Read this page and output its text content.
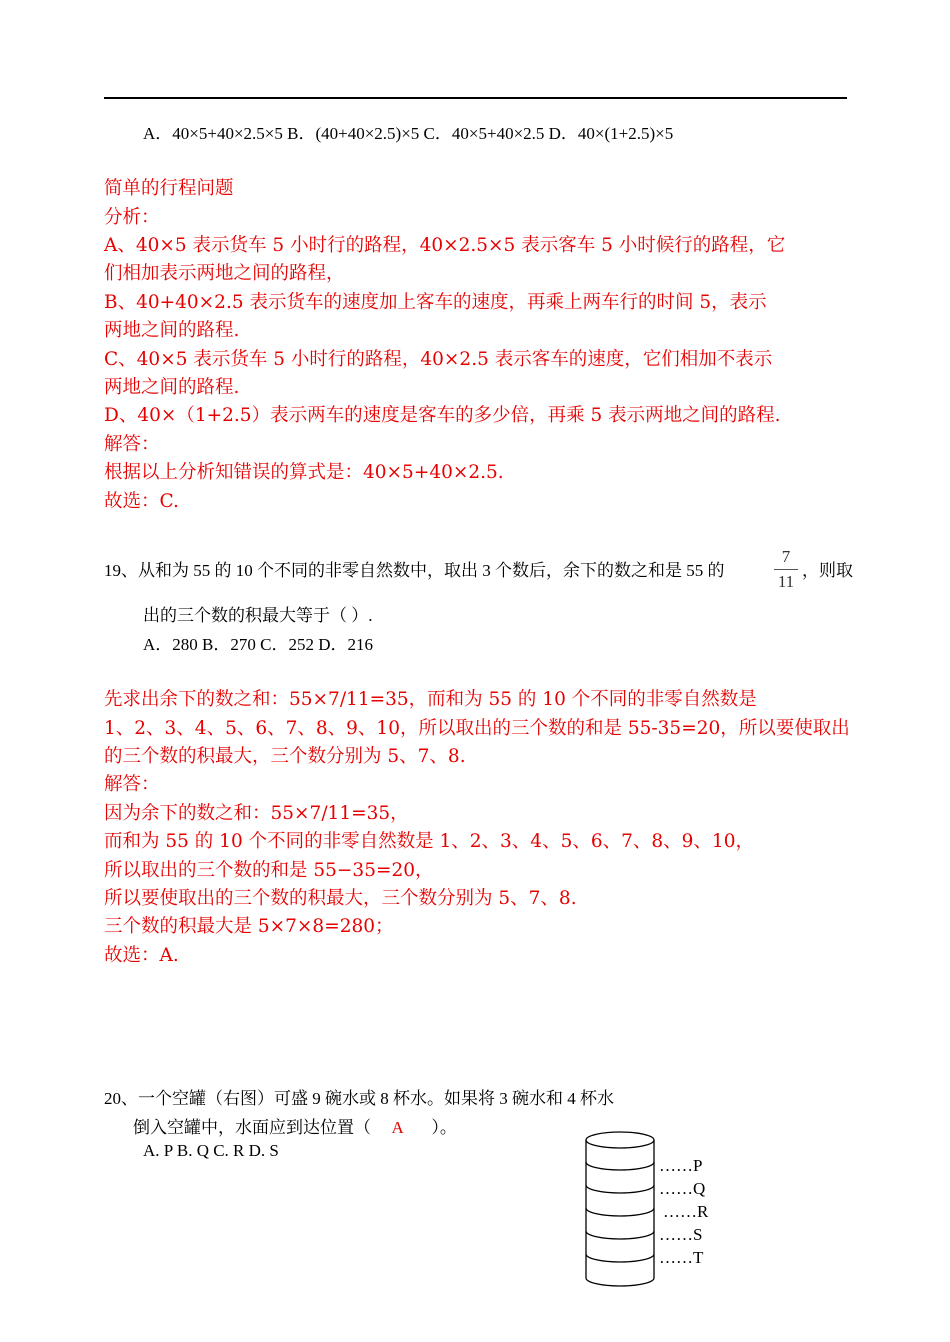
A．40×5+40×2.5×5 B．(40+40×2.5)×5 C．40×5+40×2.5 D．40×(1+2.5)×5
简单的行程问题
分析：
A、40×5 表示货车 5 小时行的路程，40×2.5×5 表示客车 5 小时候行的路程，它
们相加表示两地之间的路程，
B、40+40×2.5 表示货车的速度加上客车的速度，再乘上两车行的时间 5，表示
两地之间的路程.
C、40×5 表示货车 5 小时行的路程，40×2.5 表示客车的速度，它们相加不表示
两地之间的路程.
D、40×（1+2.5）表示两车的速度是客车的多少倍，再乘 5 表示两地之间的路程.
解答：
根据以上分析知错误的算式是：40×5+40×2.5.
故选：C.
19、从和为 55 的 10 个不同的非零自然数中，取出 3 个数后，余下的数之和是 55 的
7
11
，则取
出的三个数的积最大等于（ ）.
A．280 B．270 C．252 D．216
先求出余下的数之和：55×7/11=35，而和为 55 的 10 个不同的非零自然数是
1、2、3、4、5、6、7、8、9、10，所以取出的三个数的和是 55-35=20，所以要使取出
的三个数的积最大，三个数分别为 5、7、8.
解答：
因为余下的数之和：55×7/11=35，
而和为 55 的 10 个不同的非零自然数是 1、2、3、4、5、6、7、8、9、10，
所以取出的三个数的和是 55−35=20，
所以要使取出的三个数的积最大，三个数分别为 5、7、8.
三个数的积最大是 5×7×8=280；
故选：A.
20、一个空罐（右图）可盛 9 碗水或 8 杯水。如果将 3 碗水和 4 杯水
倒入空罐中，水面应到达位置（ A ）。
A. P B. Q C. R D. S
……P
……Q
……R
……S
……T
